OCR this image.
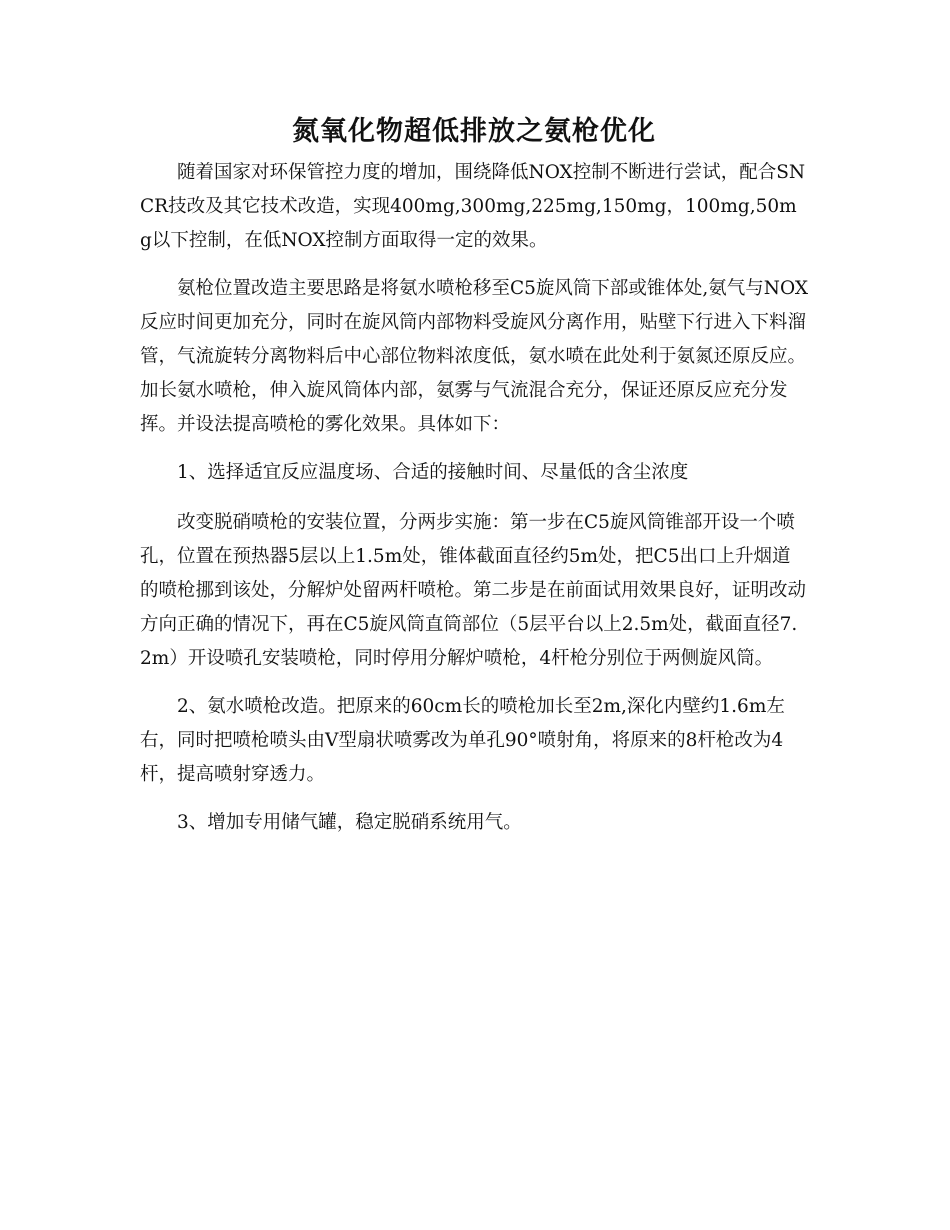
氮氧化物超低排放之氨枪优化

随着国家对环保管控力度的增加，围绕降低NOX控制不断进行尝试，配合SNCR技改及其它技术改造，实现400mg,300mg,225mg,150mg，100mg,50mg以下控制，在低NOX控制方面取得一定的效果。

氨枪位置改造主要思路是将氨水喷枪移至C5旋风筒下部或锥体处,氨气与NOX反应时间更加充分，同时在旋风筒内部物料受旋风分离作用，贴壁下行进入下料溜管，气流旋转分离物料后中心部位物料浓度低，氨水喷在此处利于氨氮还原反应。加长氨水喷枪，伸入旋风筒体内部，氨雾与气流混合充分，保证还原反应充分发挥。并设法提高喷枪的雾化效果。具体如下：

1、选择适宜反应温度场、合适的接触时间、尽量低的含尘浓度

改变脱硝喷枪的安装位置，分两步实施：第一步在C5旋风筒锥部开设一个喷孔，位置在预热器5层以上1.5m处，锥体截面直径约5m处，把C5出口上升烟道的喷枪挪到该处，分解炉处留两杆喷枪。第二步是在前面试用效果良好，证明改动方向正确的情况下，再在C5旋风筒直筒部位（5层平台以上2.5m处，截面直径7.2m）开设喷孔安装喷枪，同时停用分解炉喷枪，4杆枪分别位于两侧旋风筒。

2、氨水喷枪改造。把原来的60cm长的喷枪加长至2m,深化内壁约1.6m左右，同时把喷枪喷头由V型扇状喷雾改为单孔90°喷射角，将原来的8杆枪改为4杆，提高喷射穿透力。

3、增加专用储气罐，稳定脱硝系统用气。
